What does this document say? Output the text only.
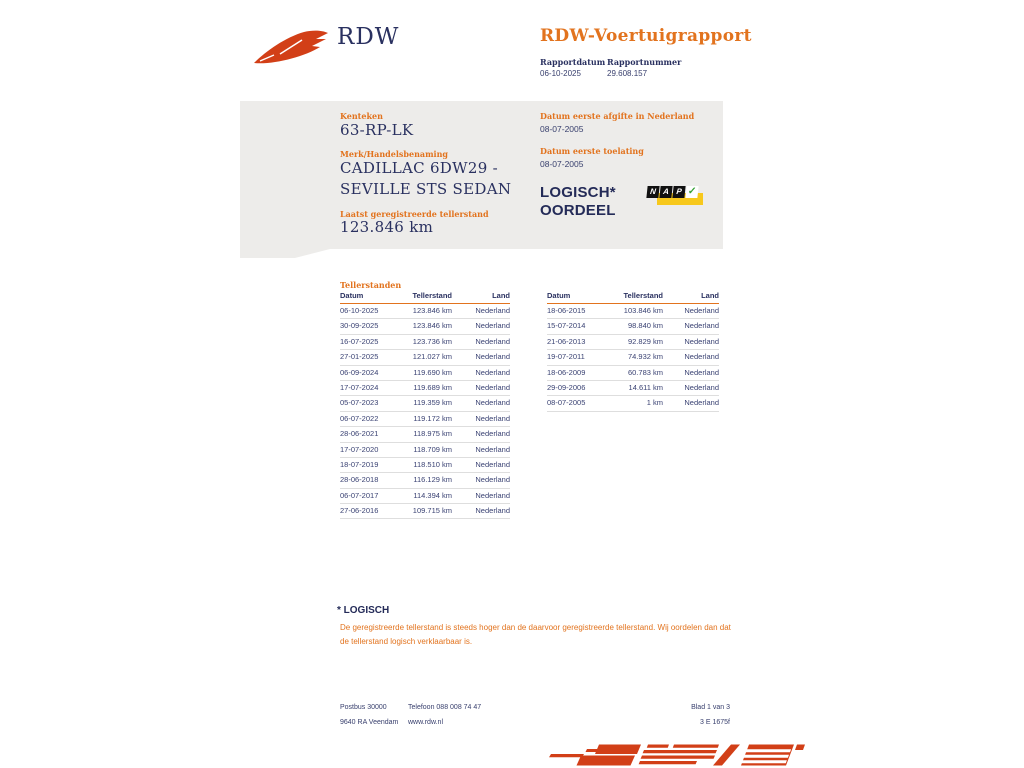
RDW	RDW-Voertuigrapport
Rapportdatum Rapportnummer
06-10-2025	29.608.157
Kenteken
63-RP-LK
Merk/Handelsbenaming
CADILLAC 6DW29 -
SEVILLE STS SEDAN
Laatst geregistreerde tellerstand
123.846 km
Datum eerste afgifte in Nederland
08-07-2005
Datum eerste toelating
08-07-2005
LOGISCH*
OORDEEL
N A P ✓
Tellerstanden
Datum	Tellerstand	Land
06-10-2025	123.846 km	Nederland
30-09-2025	123.846 km	Nederland
16-07-2025	123.736 km	Nederland
27-01-2025	121.027 km	Nederland
06-09-2024	119.690 km	Nederland
17-07-2024	119.689 km	Nederland
05-07-2023	119.359 km	Nederland
06-07-2022	119.172 km	Nederland
28-06-2021	118.975 km	Nederland
17-07-2020	118.709 km	Nederland
18-07-2019	118.510 km	Nederland
28-06-2018	116.129 km	Nederland
06-07-2017	114.394 km	Nederland
27-06-2016	109.715 km	Nederland
Datum	Tellerstand	Land
18-06-2015	103.846 km	Nederland
15-07-2014	98.840 km	Nederland
21-06-2013	92.829 km	Nederland
19-07-2011	74.932 km	Nederland
18-06-2009	60.783 km	Nederland
29-09-2006	14.611 km	Nederland
08-07-2005	1 km	Nederland
* LOGISCH
De geregistreerde tellerstand is steeds hoger dan de daarvoor geregistreerde tellerstand. Wij oordelen dan dat de tellerstand logisch verklaarbaar is.
Postbus 30000
9640 RA Veendam
Telefoon 088 008 74 47
www.rdw.nl
Blad 1 van 3
3 E 1675f
